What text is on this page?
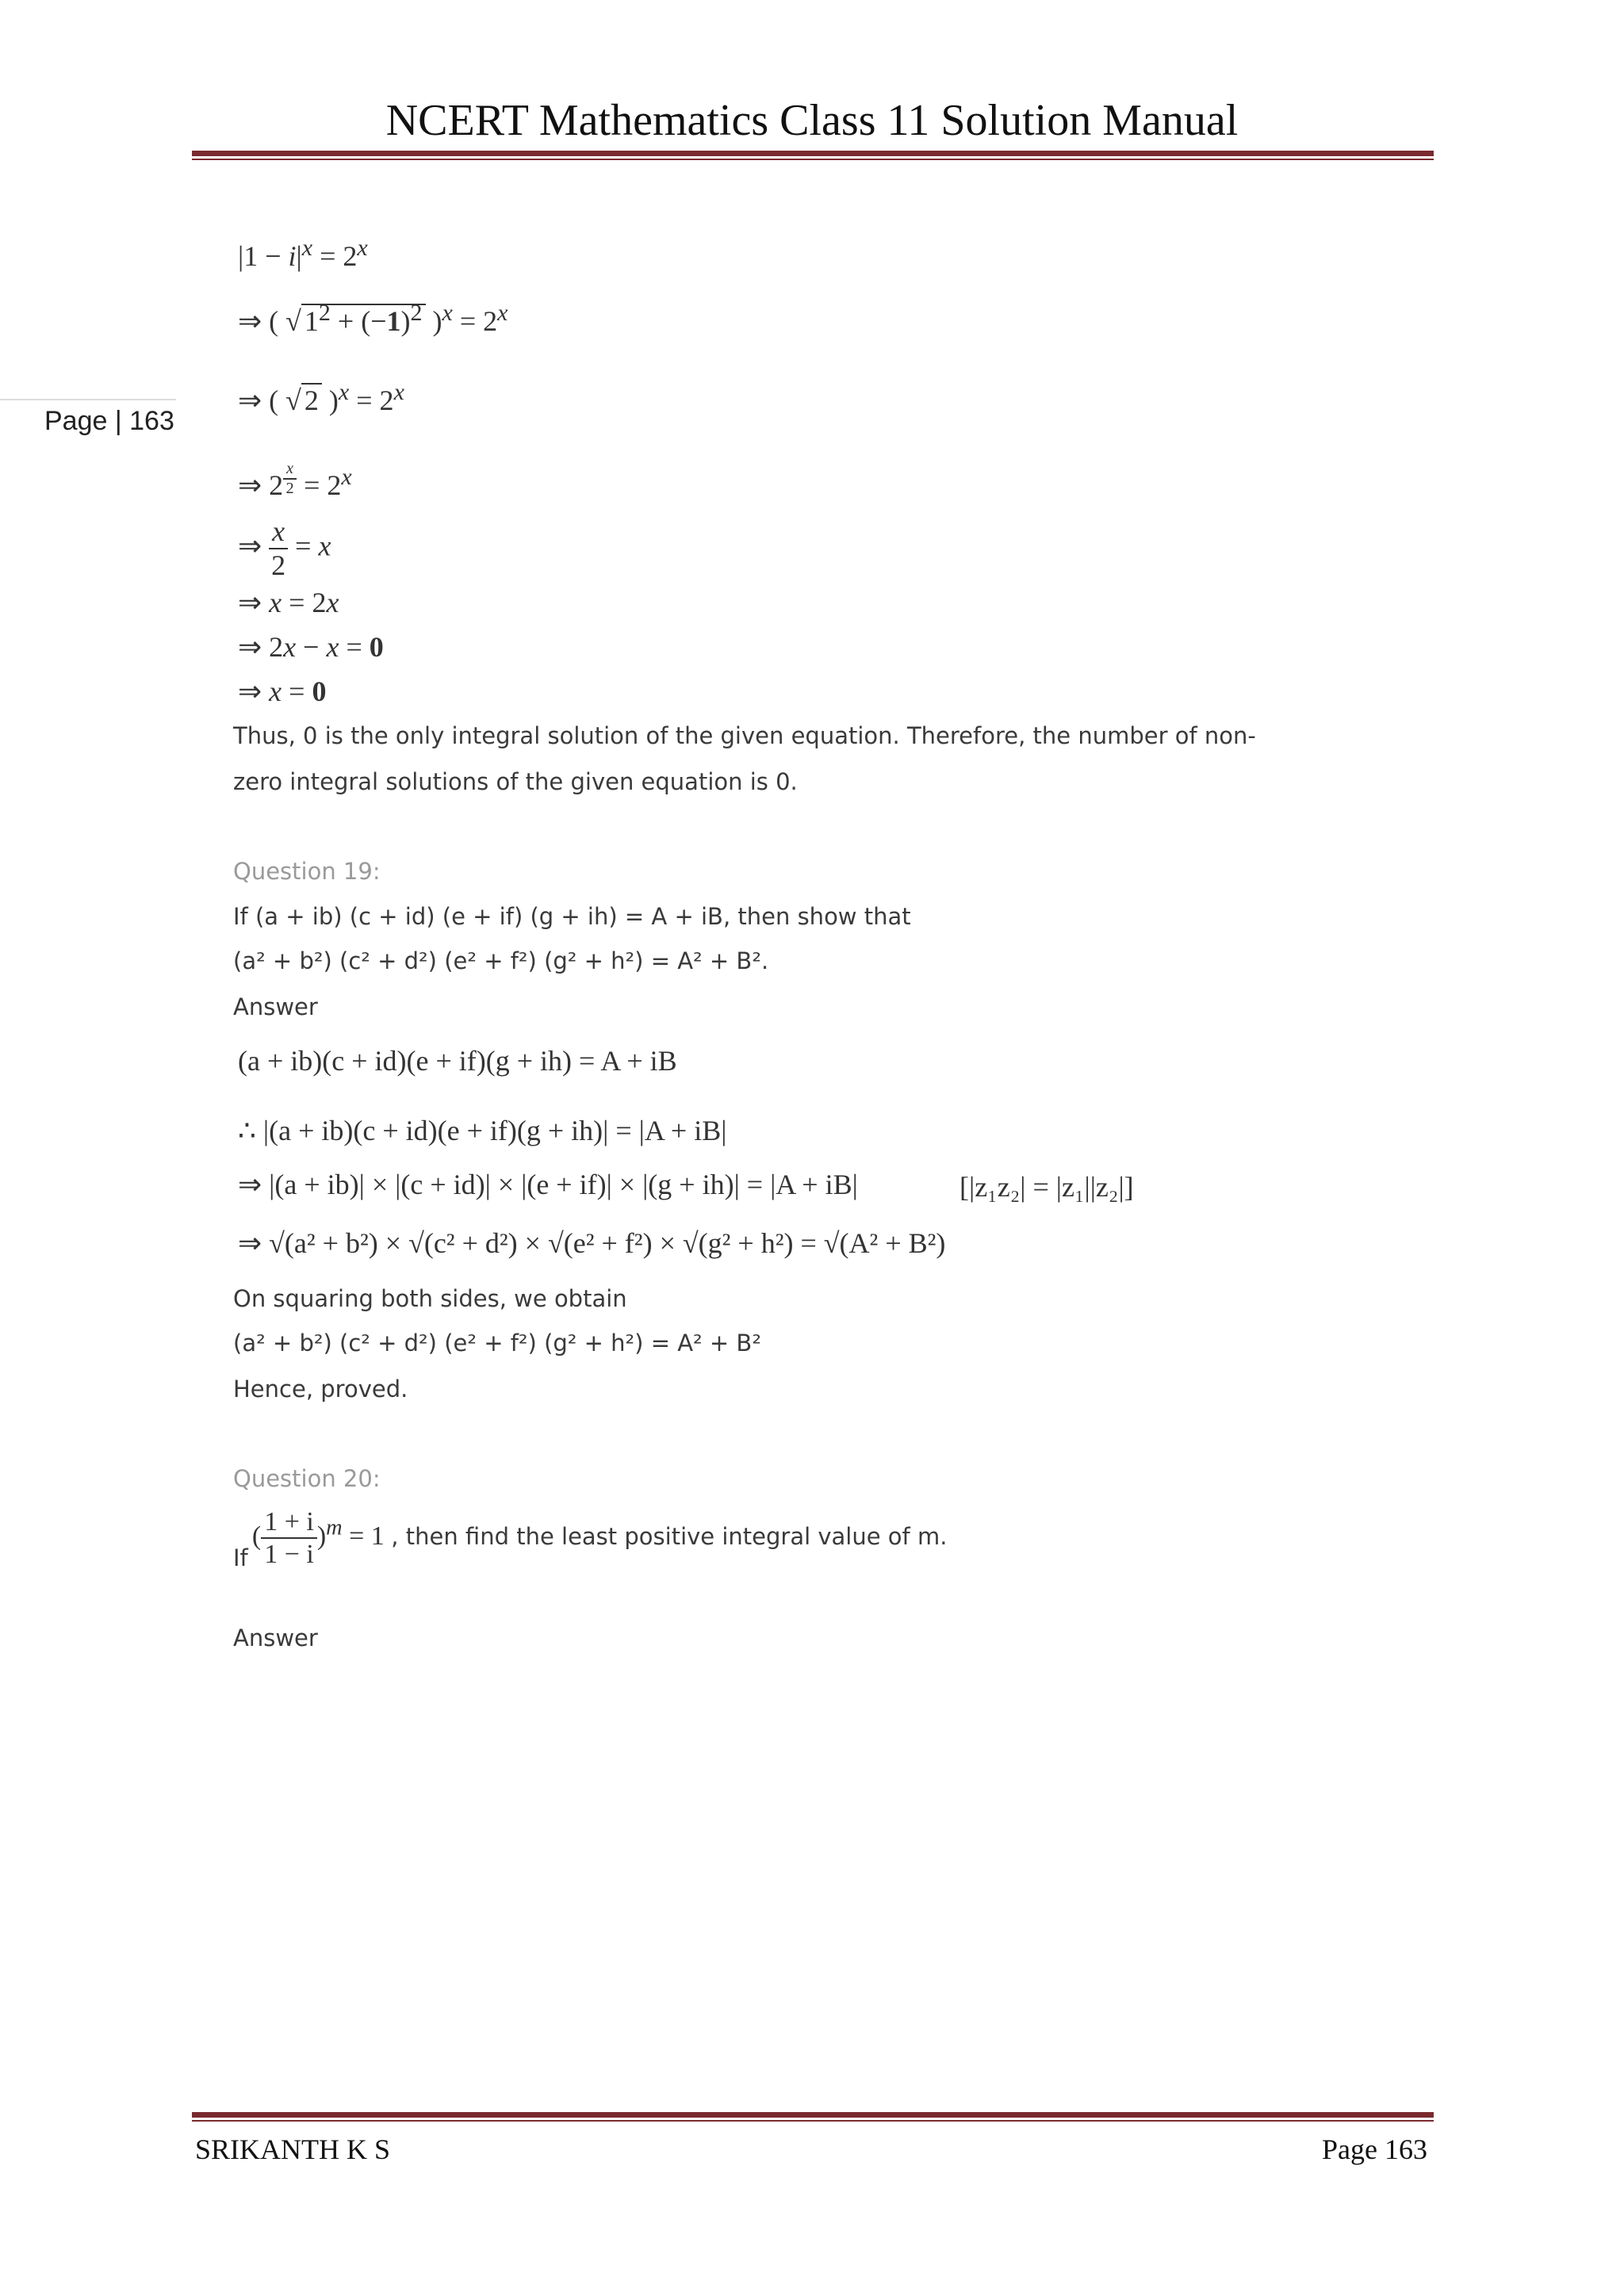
NCERT Mathematics Class 11 Solution Manual
Page | 163
$|1 - i|^x = 2^x$
⇒ ( √ $1^2 + (-1)^2$ )$^x = 2^x$
⇒ ( √ 2 )$^x = 2^x$
⇒ 2 $^{\frac{x}{2}} = 2^x$
⇒ $\frac{x}{2} = x$
⇒ x = 2x
⇒ 2x − x = 0
⇒ x = 0
Thus, 0 is the only integral solution of the given equation. Therefore, the number of non-
zero integral solutions of the given equation is 0.
Question 19:
If (a + ib) (c + id) (e + if) (g + ih) = A + iB, then show that
(a² + b²) (c² + d²) (e² + f²) (g² + h²) = A² + B².
Answer
(a + ib)(c + id)(e + if)(g + ih) = A + iB
∴ |(a + ib)(c + id)(e + if)(g + ih)| = |A + iB|
⇒ |(a + ib)| × |(c + id)| × |(e + if)| × |(g + ih)| = |A + iB|	[|z₁z₂| = |z₁||z₂|]
⇒ √(a² + b²) × √(c² + d²) × √(e² + f²) × √(g² + h²) = √(A² + B²)
On squaring both sides, we obtain
(a² + b²) (c² + d²) (e² + f²) (g² + h²) = A² + B²
Hence, proved.
Question 20:
If ( $\frac{1 + i}{1 - i} )^m = 1$ , then find the least positive integral value of m.
Answer
SRIKANTH K S	Page 163
